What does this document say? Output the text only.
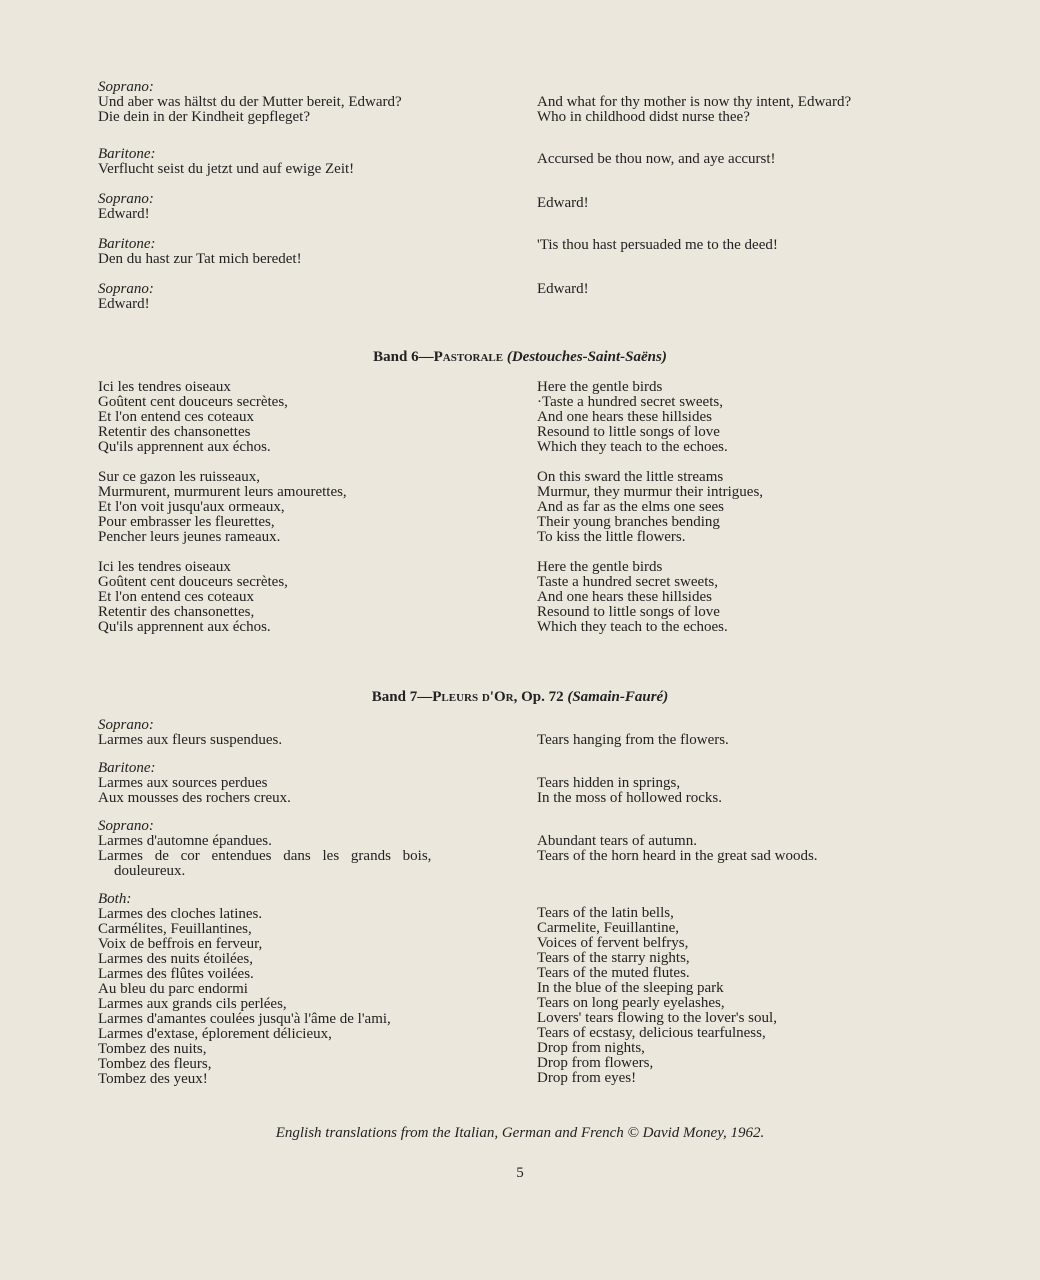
Soprano:
Und aber was hältst du der Mutter bereit, Edward?
Die dein in der Kindheit gepfleget?
Baritone:
Verflucht seist du jetzt und auf ewige Zeit!
Soprano:
Edward!
Baritone:
Den du hast zur Tat mich beredet!
Soprano:
Edward!
And what for thy mother is now thy intent, Edward?
Who in childhood didst nurse thee?
Accursed be thou now, and aye accurst!
Edward!
'Tis thou hast persuaded me to the deed!
Edward!
Band 6—Pastorale (Destouches-Saint-Saëns)
Ici les tendres oiseaux
Goûtent cent douceurs secrètes,
Et l'on entend ces coteaux
Retentir des chansonettes
Qu'ils apprennent aux échos.
Sur ce gazon les ruisseaux,
Murmurent, murmurent leurs amourettes,
Et l'on voit jusqu'aux ormeaux,
Pour embrasser les fleurettes,
Pencher leurs jeunes rameaux.
Ici les tendres oiseaux
Goûtent cent douceurs secrètes,
Et l'on entend ces coteaux
Retentir des chansonettes,
Qu'ils apprennent aux échos.
Here the gentle birds
·Taste a hundred secret sweets,
And one hears these hillsides
Resound to little songs of love
Which they teach to the echoes.
On this sward the little streams
Murmur, they murmur their intrigues,
And as far as the elms one sees
Their young branches bending
To kiss the little flowers.
Here the gentle birds
Taste a hundred secret sweets,
And one hears these hillsides
Resound to little songs of love
Which they teach to the echoes.
Band 7—Pleurs d'Or, Op. 72 (Samain-Fauré)
Soprano:
Larmes aux fleurs suspendues.
Baritone:
Larmes aux sources perdues
Aux mousses des rochers creux.
Soprano:
Larmes d'automne épandues.
Larmes de cor entendues dans les grands bois,
douleureux.
Both:
Larmes des cloches latines.
Carmélites, Feuillantines,
Voix de beffrois en ferveur,
Larmes des nuits étoilées,
Larmes des flûtes voilées.
Au bleu du parc endormi
Larmes aux grands cils perlées,
Larmes d'amantes coulées jusqu'à l'âme de l'ami,
Larmes d'extase, éplorement délicieux,
Tombez des nuits,
Tombez des fleurs,
Tombez des yeux!
Tears hanging from the flowers.
Tears hidden in springs,
In the moss of hollowed rocks.
Abundant tears of autumn.
Tears of the horn heard in the great sad woods.
Tears of the latin bells,
Carmelite, Feuillantine,
Voices of fervent belfrys,
Tears of the starry nights,
Tears of the muted flutes.
In the blue of the sleeping park
Tears on long pearly eyelashes,
Lovers' tears flowing to the lover's soul,
Tears of ecstasy, delicious tearfulness,
Drop from nights,
Drop from flowers,
Drop from eyes!
English translations from the Italian, German and French © David Money, 1962.
5
